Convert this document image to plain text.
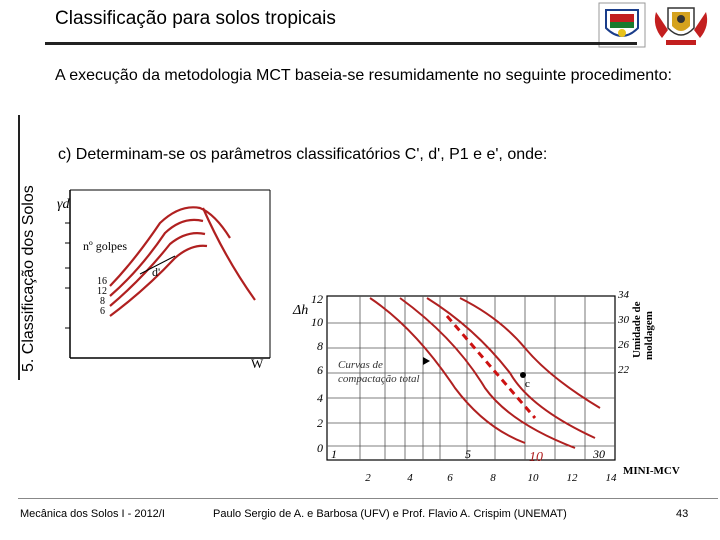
Classificação para solos tropicais
5. Classificação dos Solos
A execução da metodologia MCT baseia-se resumidamente no seguinte procedimento:
c) Determinam-se os parâmetros classificatórios C', d', P1 e e', onde:
γd
nº golpes
16
12
8
6
d'
W
Δh
12
10
8
6
4
2
0
34
30
26
22
Umidade de moldagem
c
Curvas de
compactação total
1	5	10	30
2	4	6	8	10	12	14
MINI-MCV
Mecânica dos Solos I - 2012/I	Paulo Sergio de A. e Barbosa (UFV) e Prof. Flavio A. Crispim (UNEMAT)	43
